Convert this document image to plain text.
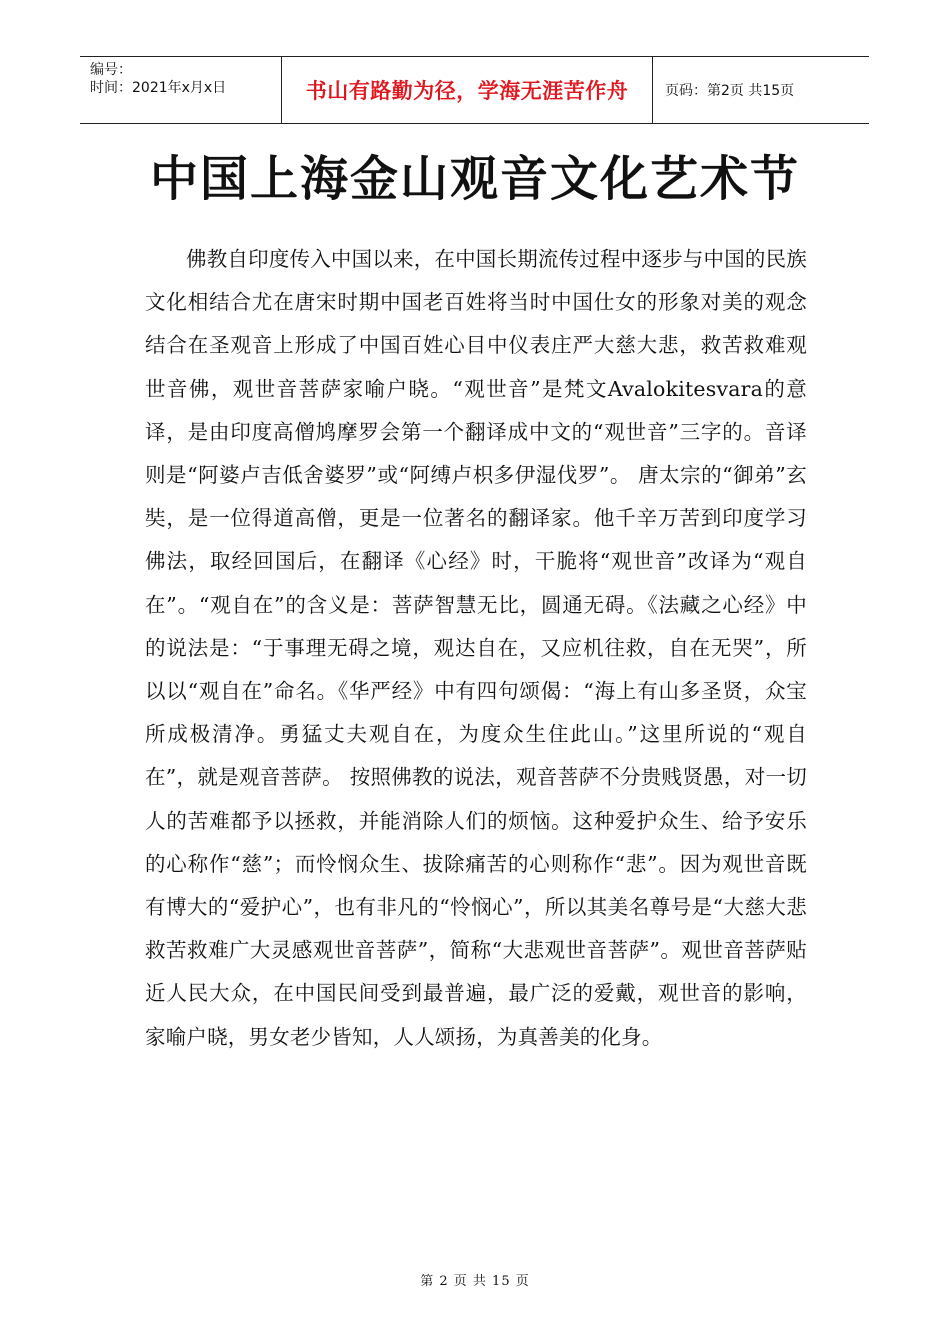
编号：
时间：2021年x月x日	书山有路勤为径，学海无涯苦作舟	页码：第2页 共15页
中国上海金山观音文化艺术节

佛教自印度传入中国以来，在中国长期流传过程中逐步与中国的民族文化相结合尤在唐宋时期中国老百姓将当时中国仕女的形象对美的观念结合在圣观音上形成了中国百姓心目中仪表庄严大慈大悲，救苦救难观世音佛，观世音菩萨家喻户晓。“观世音”是梵文Avalokitesvara的意译，是由印度高僧鸠摩罗会第一个翻译成中文的“观世音”三字的。音译则是“阿婆卢吉低舍婆罗”或“阿缚卢枳多伊湿伐罗”。 唐太宗的“御弟”玄奘，是一位得道高僧，更是一位著名的翻译家。他千辛万苦到印度学习佛法，取经回国后，在翻译《心经》时，干脆将“观世音”改译为“观自在”。“观自在”的含义是：菩萨智慧无比，圆通无碍。《法藏之心经》中的说法是：“于事理无碍之境，观达自在，又应机往救，自在无哭”，所以以“观自在”命名。《华严经》中有四句颂偈：“海上有山多圣贤，众宝所成极清净。勇猛丈夫观自在，为度众生住此山。”这里所说的“观自在”，就是观音菩萨。 按照佛教的说法，观音菩萨不分贵贱贤愚，对一切人的苦难都予以拯救，并能消除人们的烦恼。这种爱护众生、给予安乐的心称作“慈”；而怜悯众生、拔除痛苦的心则称作“悲”。因为观世音既有博大的“爱护心”，也有非凡的“怜悯心”，所以其美名尊号是“大慈大悲救苦救难广大灵感观世音菩萨”，简称“大悲观世音菩萨”。观世音菩萨贴近人民大众，在中国民间受到最普遍，最广泛的爱戴，观世音的影响，家喻户晓，男女老少皆知，人人颂扬，为真善美的化身。

第 2 页 共 15 页
